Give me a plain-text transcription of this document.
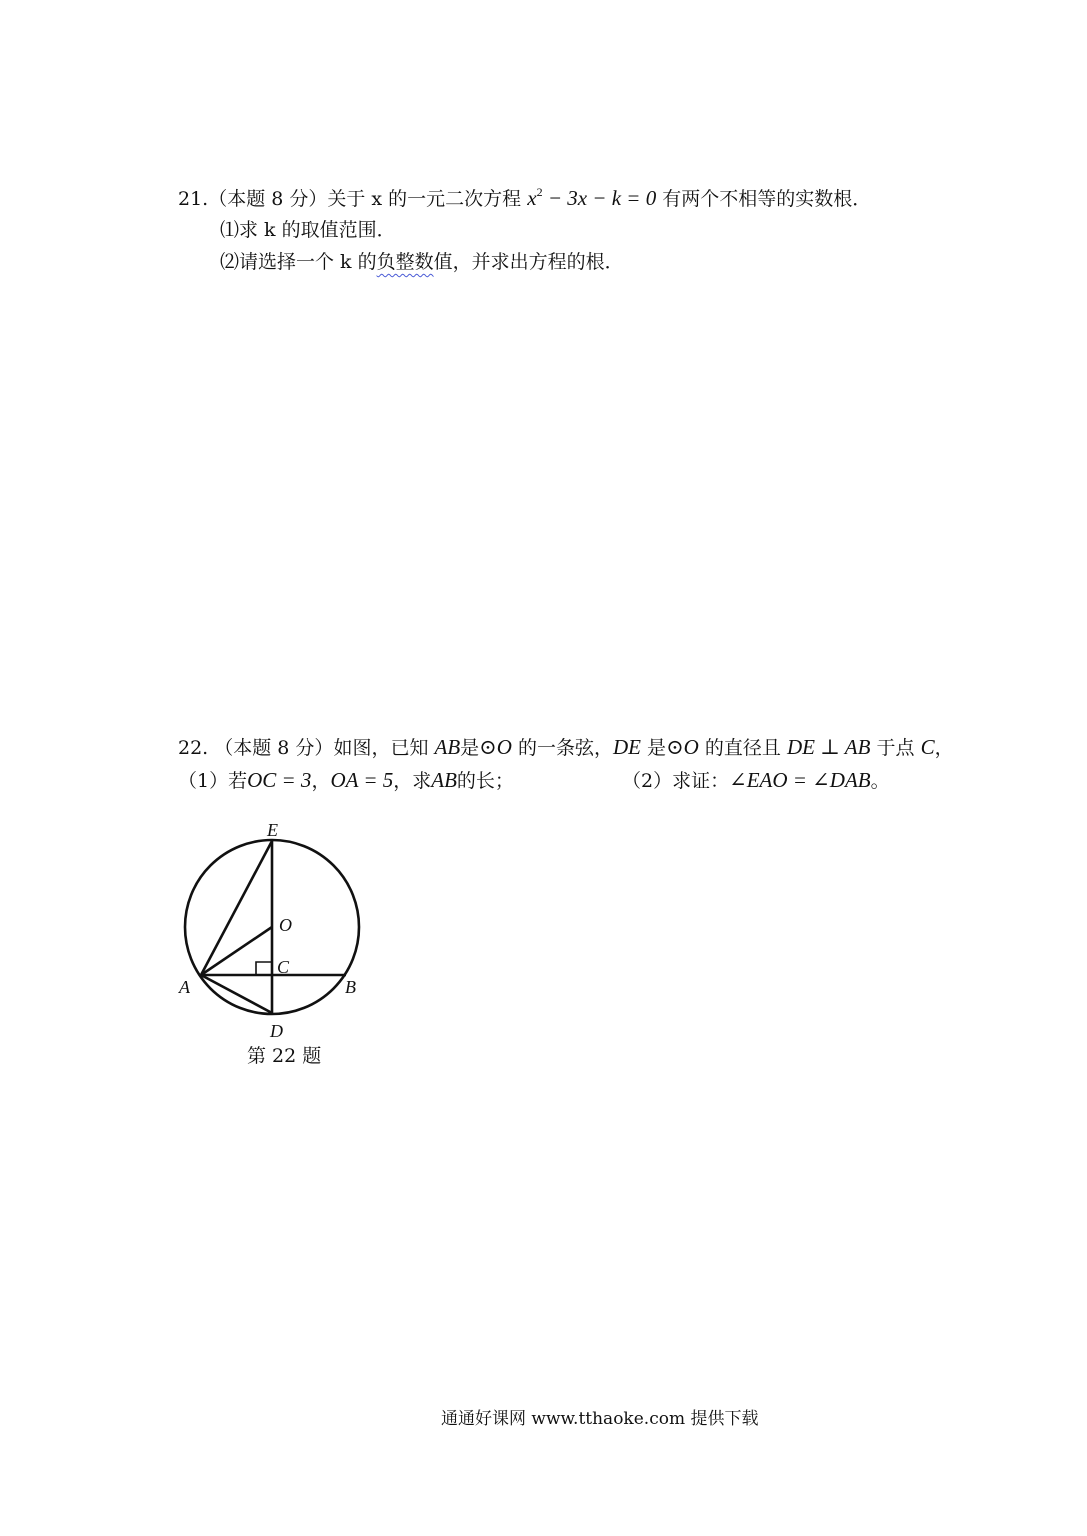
21.（本题 8 分）关于 x 的一元二次方程 $x^2 - 3x - k = 0$ 有两个不相等的实数根．
⑴求 k 的取值范围．
⑵请选择一个 k 的负整数值，并求出方程的根．
22. （本题 8 分）如图，已知 AB是⊙O 的一条弦，DE 是⊙O 的直径且 DE ⊥ AB 于点 C，
（1）若OC = 3，OA = 5，求AB的长；	（2）求证：∠EAO = ∠DAB。
E
O
C
A	B
D
第 22 题
通通好课网 www.tthaoke.com 提供下载
